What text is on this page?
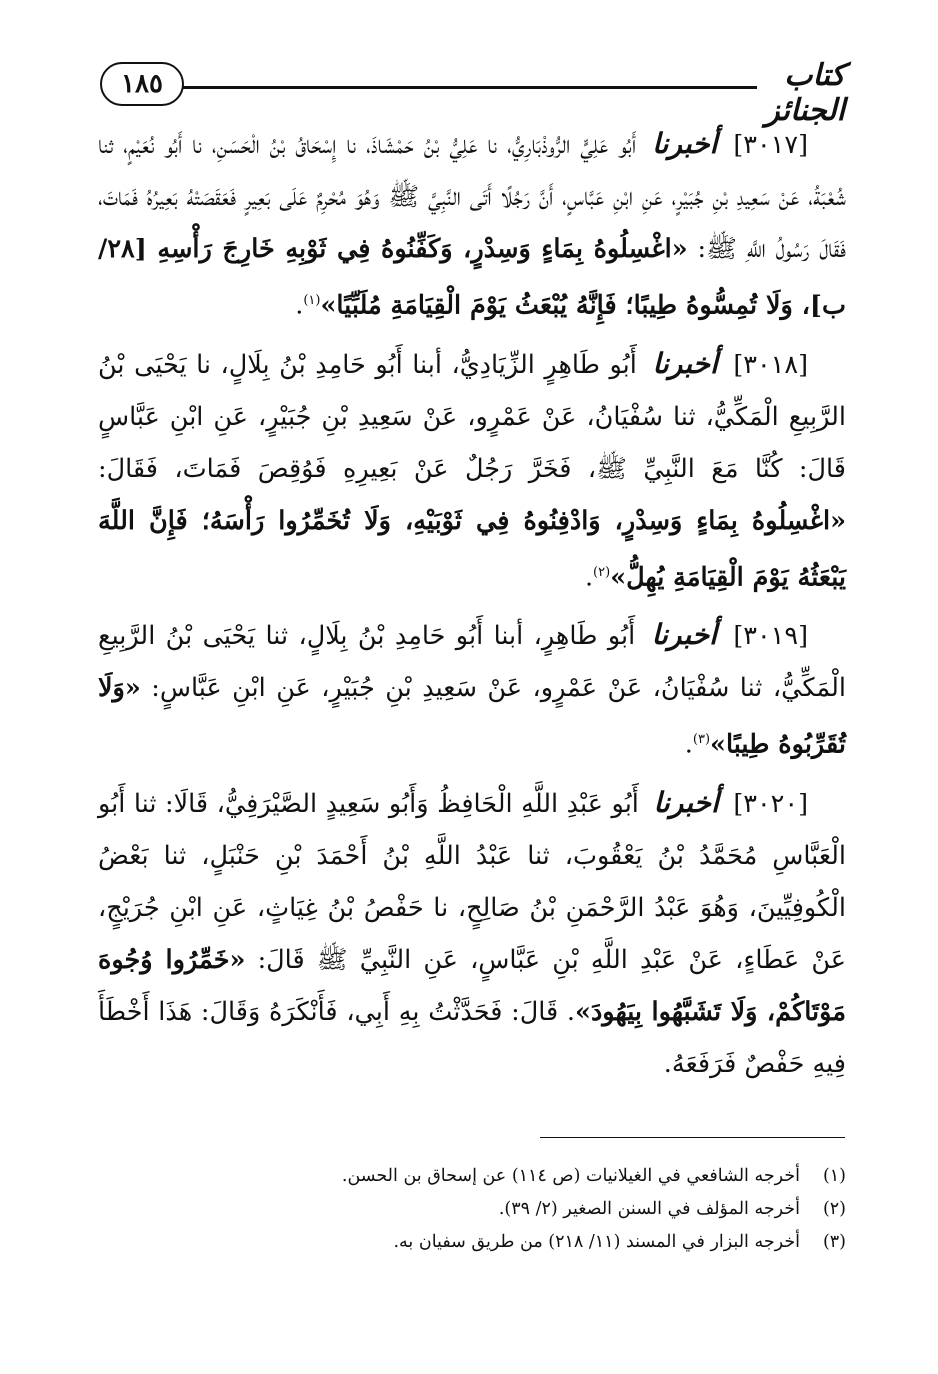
١٨٥	كتاب الجنائز

[٣٠١٧] أخبرنا أَبُو عَلِيٍّ الرُّوذْبَارِيُّ، نا عَلِيُّ بْنُ حَمْشَاذَ، نا إِسْحَاقُ بْنُ الْحَسَنِ، نا أَبُو نُعَيْمٍ، ثنا شُعْبَةُ، عَنْ سَعِيدِ بْنِ جُبَيْرٍ، عَنِ ابْنِ عَبَّاسٍ، أَنَّ رَجُلًا أَتَى النَّبِيَّ ﷺ وَهُوَ مُحْرِمٌ عَلَى بَعِيرٍ فَعَقَصَتْهُ بَعِيرُهُ فَمَاتَ، فَقَالَ رَسُولُ اللَّهِ ﷺ: «اغْسِلُوهُ بِمَاءٍ وَسِدْرٍ، وَكَفِّنُوهُ فِي ثَوْبِهِ خَارِجَ رَأْسِهِ [٢٨/ب]، وَلَا تُمِسُّوهُ طِيبًا؛ فَإِنَّهُ يُبْعَثُ يَوْمَ الْقِيَامَةِ مُلَبِّيًا»$^{(١)}$.

[٣٠١٨] أخبرنا أَبُو طَاهِرٍ الزِّيَادِيُّ، أبنا أَبُو حَامِدِ بْنُ بِلَالٍ، نا يَحْيَى بْنُ الرَّبِيعِ الْمَكِّيُّ، ثنا سُفْيَانُ، عَنْ عَمْرٍو، عَنْ سَعِيدِ بْنِ جُبَيْرٍ، عَنِ ابْنِ عَبَّاسٍ قَالَ: كُنَّا مَعَ النَّبِيِّ ﷺ، فَخَرَّ رَجُلٌ عَنْ بَعِيرِهِ فَوُقِصَ فَمَاتَ، فَقَالَ: «اغْسِلُوهُ بِمَاءٍ وَسِدْرٍ، وَادْفِنُوهُ فِي ثَوْبَيْهِ، وَلَا تُخَمِّرُوا رَأْسَهُ؛ فَإِنَّ اللَّهَ يَبْعَثُهُ يَوْمَ الْقِيَامَةِ يُهِلُّ»$^{(٢)}$.

[٣٠١٩] أخبرنا أَبُو طَاهِرٍ، أبنا أَبُو حَامِدِ بْنُ بِلَالٍ، ثنا يَحْيَى بْنُ الرَّبِيعِ الْمَكِّيُّ، ثنا سُفْيَانُ، عَنْ عَمْرٍو، عَنْ سَعِيدِ بْنِ جُبَيْرٍ، عَنِ ابْنِ عَبَّاسٍ: «وَلَا تُقَرِّبُوهُ طِيبًا»$^{(٣)}$.

[٣٠٢٠] أخبرنا أَبُو عَبْدِ اللَّهِ الْحَافِظُ وَأَبُو سَعِيدٍ الصَّيْرَفِيُّ، قَالَا: ثنا أَبُو الْعَبَّاسِ مُحَمَّدُ بْنُ يَعْقُوبَ، ثنا عَبْدُ اللَّهِ بْنُ أَحْمَدَ بْنِ حَنْبَلٍ، ثنا بَعْضُ الْكُوفِيِّينَ، وَهُوَ عَبْدُ الرَّحْمَنِ بْنُ صَالِحٍ، نا حَفْصُ بْنُ غِيَاثٍ، عَنِ ابْنِ جُرَيْجٍ، عَنْ عَطَاءٍ، عَنْ عَبْدِ اللَّهِ بْنِ عَبَّاسٍ، عَنِ النَّبِيِّ ﷺ قَالَ: «خَمِّرُوا وُجُوهَ مَوْتَاكُمْ، وَلَا تَشَبَّهُوا بِيَهُودَ». قَالَ: فَحَدَّثْتُ بِهِ أَبِي، فَأَنْكَرَهُ وَقَالَ: هَذَا أَخْطَأَ فِيهِ حَفْصٌ فَرَفَعَهُ.

(١)
أخرجه الشافعي في الغيلانيات (ص ١١٤) عن إسحاق بن الحسن.
(٢)
أخرجه المؤلف في السنن الصغير (٢/ ٣٩).
(٣)
أخرجه البزار في المسند (١١/ ٢١٨) من طريق سفيان به.
